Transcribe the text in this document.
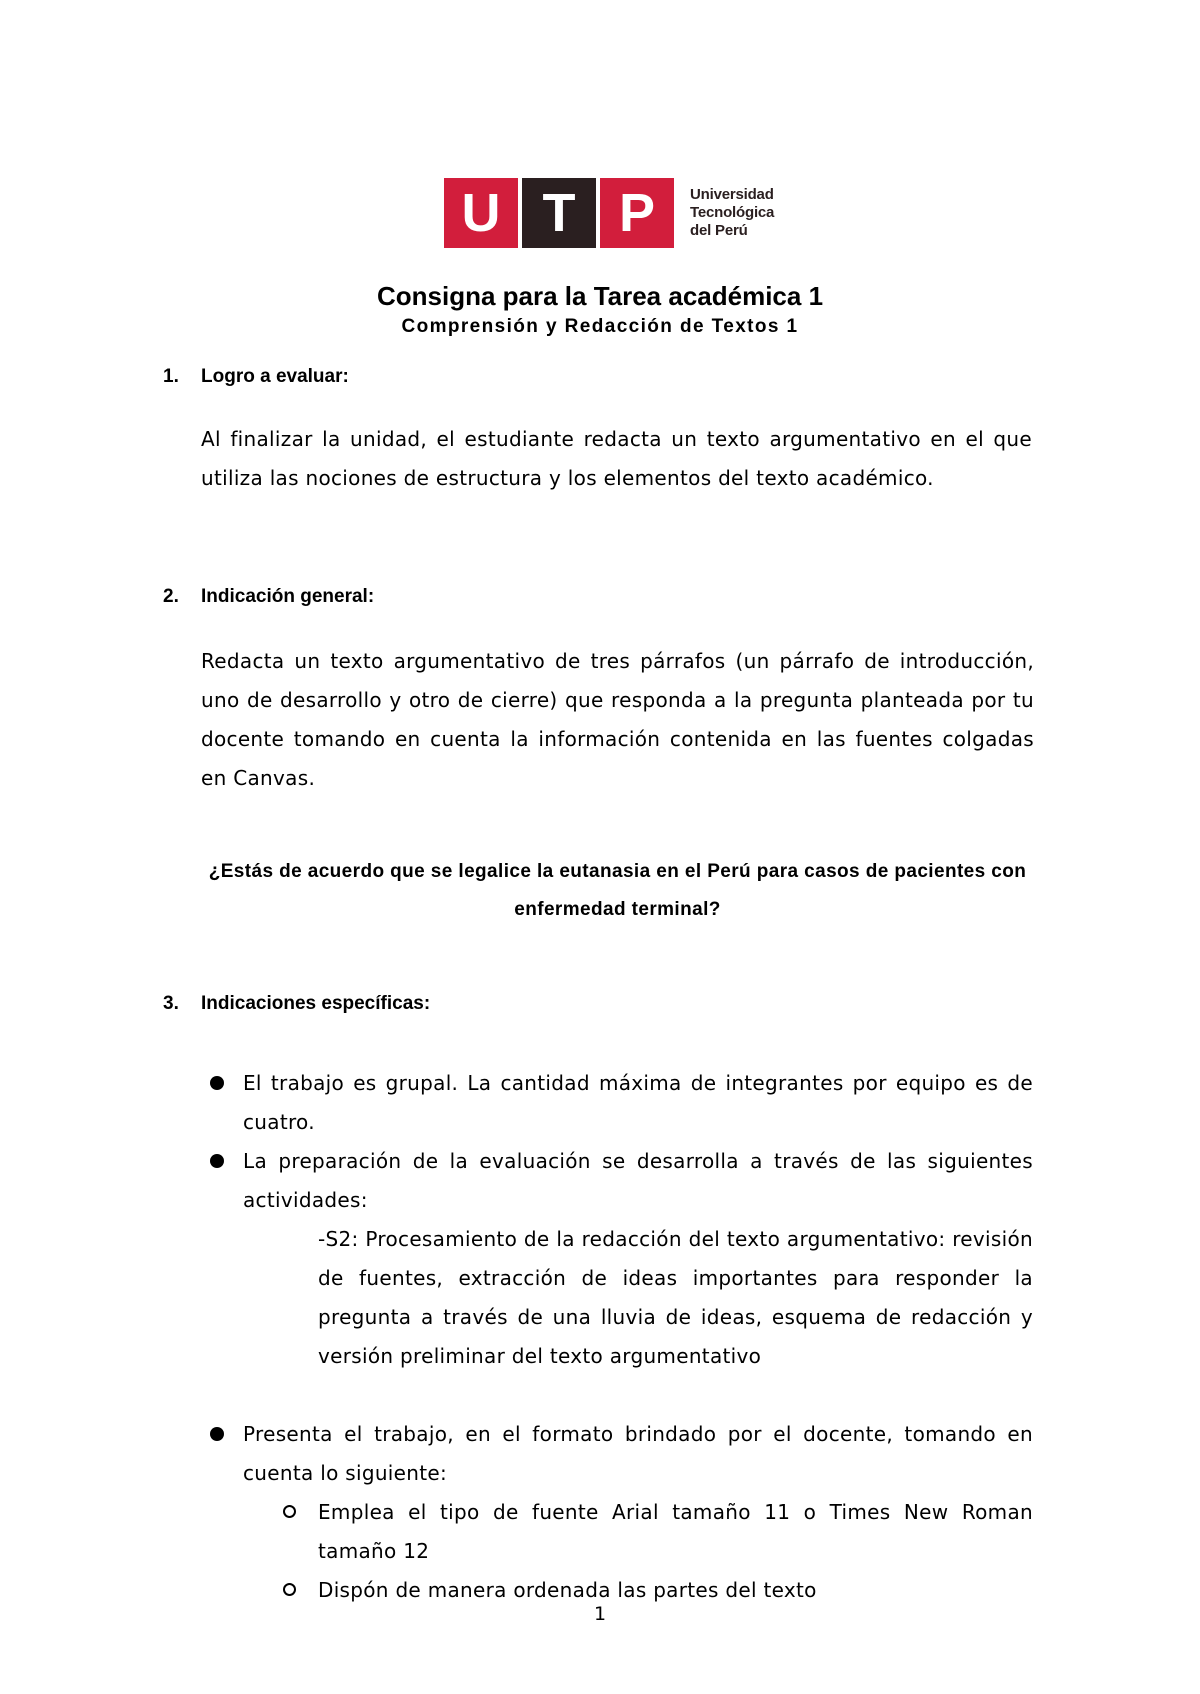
U T P	Universidad
Tecnológica
del Perú
Consigna para la Tarea académica 1
Comprensión y Redacción de Textos 1
1. Logro a evaluar:
Al finalizar la unidad, el estudiante redacta un texto argumentativo en el que utiliza las nociones de estructura y los elementos del texto académico.
2. Indicación general:
Redacta un texto argumentativo de tres párrafos (un párrafo de introducción, uno de desarrollo y otro de cierre) que responda a la pregunta planteada por tu docente tomando en cuenta la información contenida en las fuentes colgadas en Canvas.
¿Estás de acuerdo que se legalice la eutanasia en el Perú para casos de pacientes con enfermedad terminal?
3. Indicaciones específicas:
El trabajo es grupal. La cantidad máxima de integrantes por equipo es de cuatro.
La preparación de la evaluación se desarrolla a través de las siguientes actividades:
-S2: Procesamiento de la redacción del texto argumentativo: revisión de fuentes, extracción de ideas importantes para responder la pregunta a través de una lluvia de ideas, esquema de redacción y versión preliminar del texto argumentativo
Presenta el trabajo, en el formato brindado por el docente, tomando en cuenta lo siguiente:
Emplea el tipo de fuente Arial tamaño 11 o Times New Roman tamaño 12
Dispón de manera ordenada las partes del texto
1
